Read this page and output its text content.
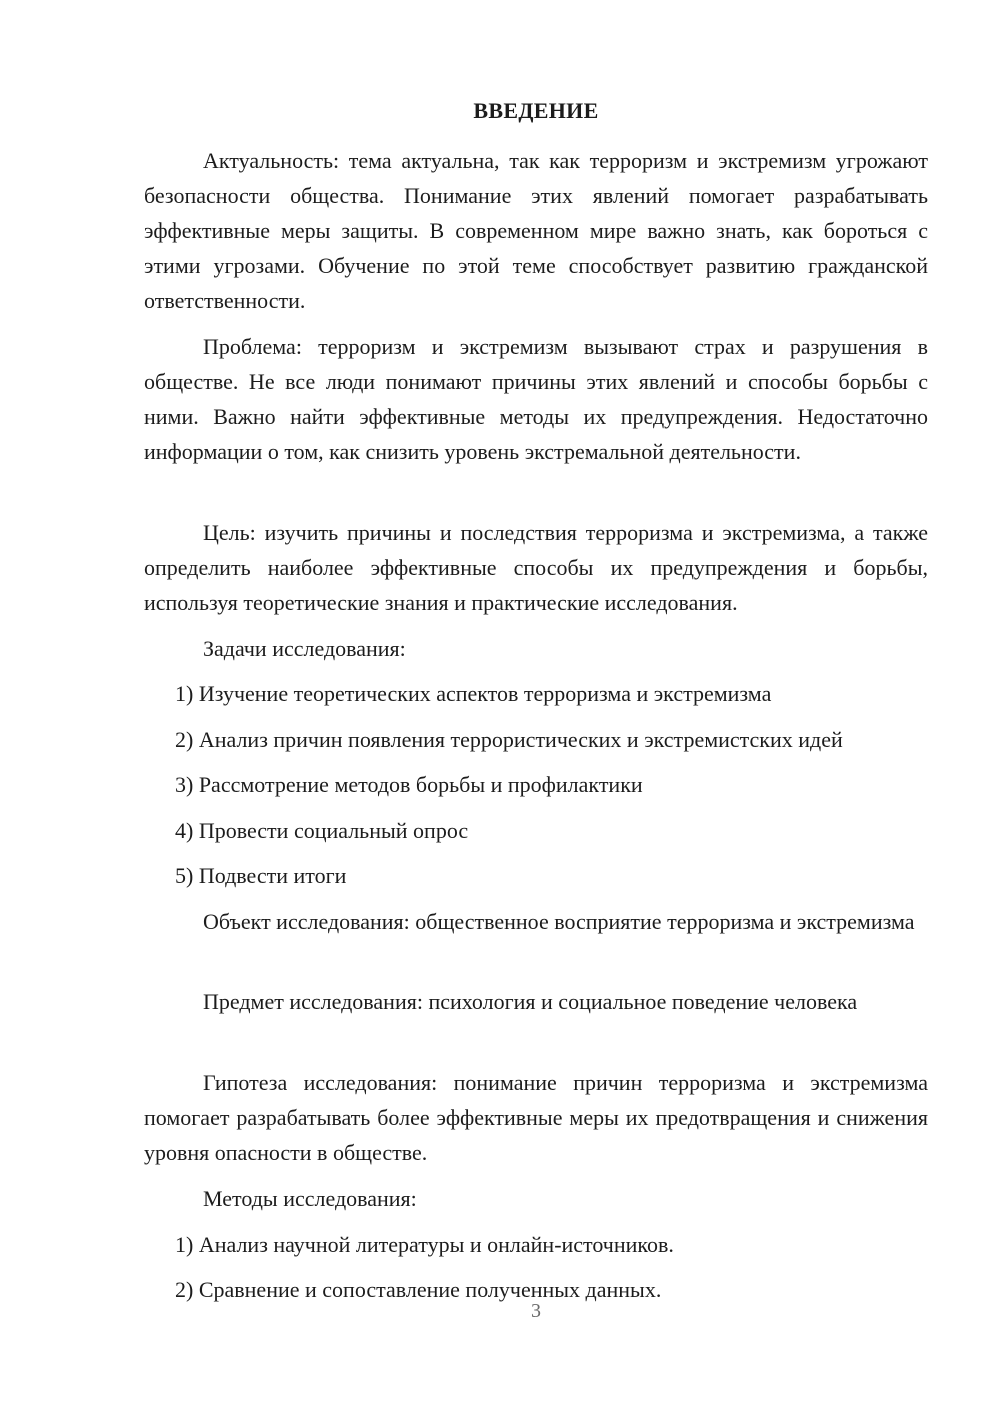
ВВЕДЕНИЕ

Актуальность: тема актуальна, так как терроризм и экстремизм угрожают безопасности общества. Понимание этих явлений помогает разрабатывать эффективные меры защиты. В современном мире важно знать, как бороться с этими угрозами. Обучение по этой теме способствует развитию гражданской ответственности.

Проблема: терроризм и экстремизм вызывают страх и разрушения в обществе. Не все люди понимают причины этих явлений и способы борьбы с ними. Важно найти эффективные методы их предупреждения. Недостаточно информации о том, как снизить уровень экстремальной деятельности.

Цель: изучить причины и последствия терроризма и экстремизма, а также определить наиболее эффективные способы их предупреждения и борьбы, используя теоретические знания и практические исследования.

Задачи исследования:

1) Изучение теоретических аспектов терроризма и экстремизма

2) Анализ причин появления террористических и экстремистских идей

3) Рассмотрение методов борьбы и профилактики

4) Провести социальный опрос

5) Подвести итоги

Объект исследования: общественное восприятие терроризма и экстремизма

Предмет исследования: психология и социальное поведение человека

Гипотеза исследования: понимание причин терроризма и экстремизма помогает разрабатывать более эффективные меры их предотвращения и снижения уровня опасности в обществе.

Методы исследования:

1) Анализ научной литературы и онлайн-источников.

2) Сравнение и сопоставление полученных данных.

3
